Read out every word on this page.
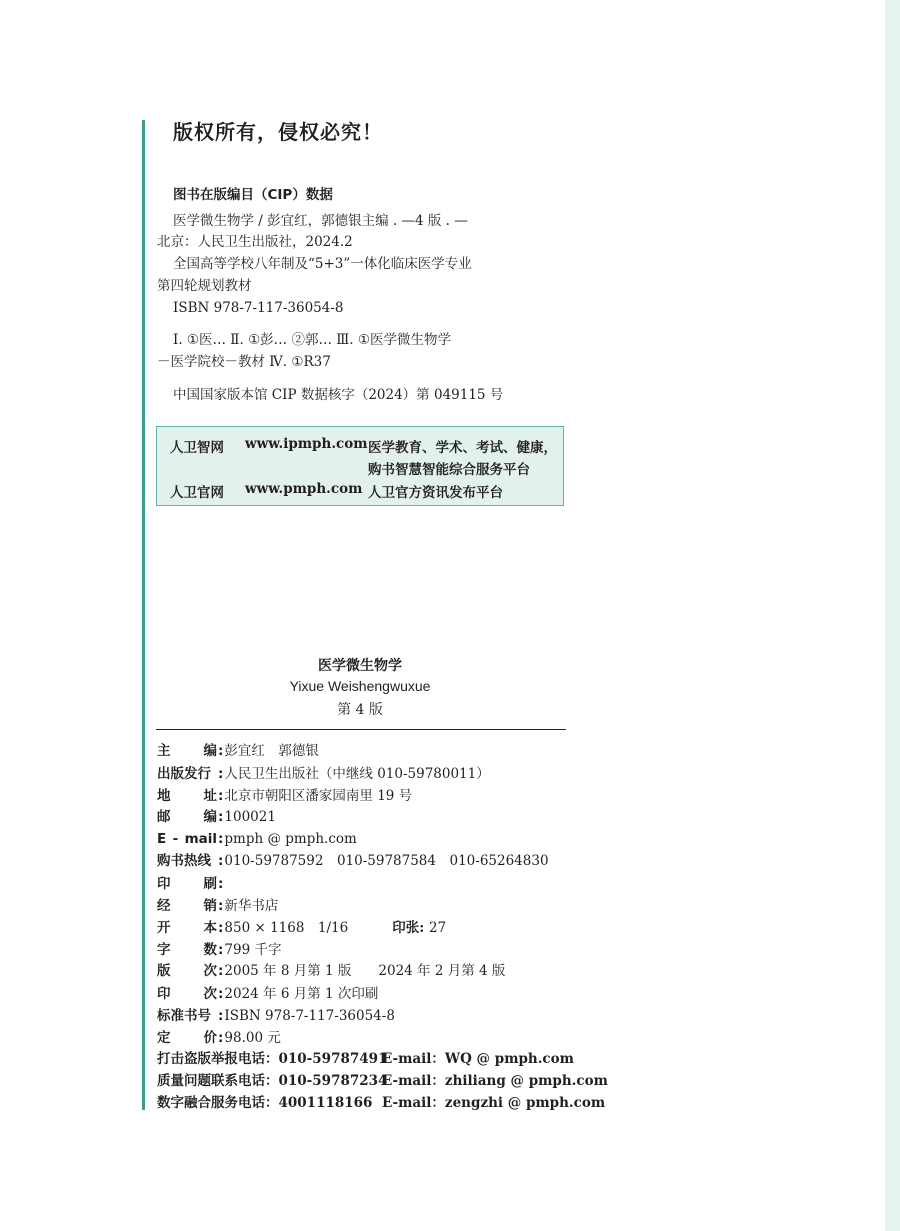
版权所有，侵权必究！
图书在版编目（CIP）数据
医学微生物学 / 彭宜红，郭德银主编 . —4 版 . —
北京：人民卫生出版社，2024.2
全国高等学校八年制及“5+3”一体化临床医学专业
第四轮规划教材
ISBN 978-7-117-36054-8
Ⅰ. ①医… Ⅱ. ①彭… ②郭… Ⅲ. ①医学微生物学
－医学院校－教材 Ⅳ. ①R37
中国国家版本馆 CIP 数据核字（2024）第 049115 号
人卫智网 www.ipmph.com 医学教育、学术、考试、健康，
购书智慧智能综合服务平台
人卫官网 www.pmph.com 人卫官方资讯发布平台
医学微生物学
Yixue Weishengwuxue
第 4 版
主 编 :彭宜红　郭德银
出版发行 :人民卫生出版社（中继线 010-59780011）
地 址 :北京市朝阳区潘家园南里 19 号
邮 编 :100021
E - mail :pmph @ pmph.com
购书热线 :010-59787592　010-59787584　010-65264830
印 刷 :
经 销 :新华书店
开 本 :850 × 1168　1/16	印张: 27
字 数 :799 千字
版 次 :2005 年 8 月第 1 版　　2024 年 2 月第 4 版
印 次 :2024 年 6 月第 1 次印刷
标准书号 :ISBN 978-7-117-36054-8
定 价 :98.00 元
打击盗版举报电话：010-59787491
E-mail：WQ @ pmph.com
质量问题联系电话：010-59787234
E-mail：zhiliang @ pmph.com
数字融合服务电话：4001118166 E-mail：zengzhi @ pmph.com
